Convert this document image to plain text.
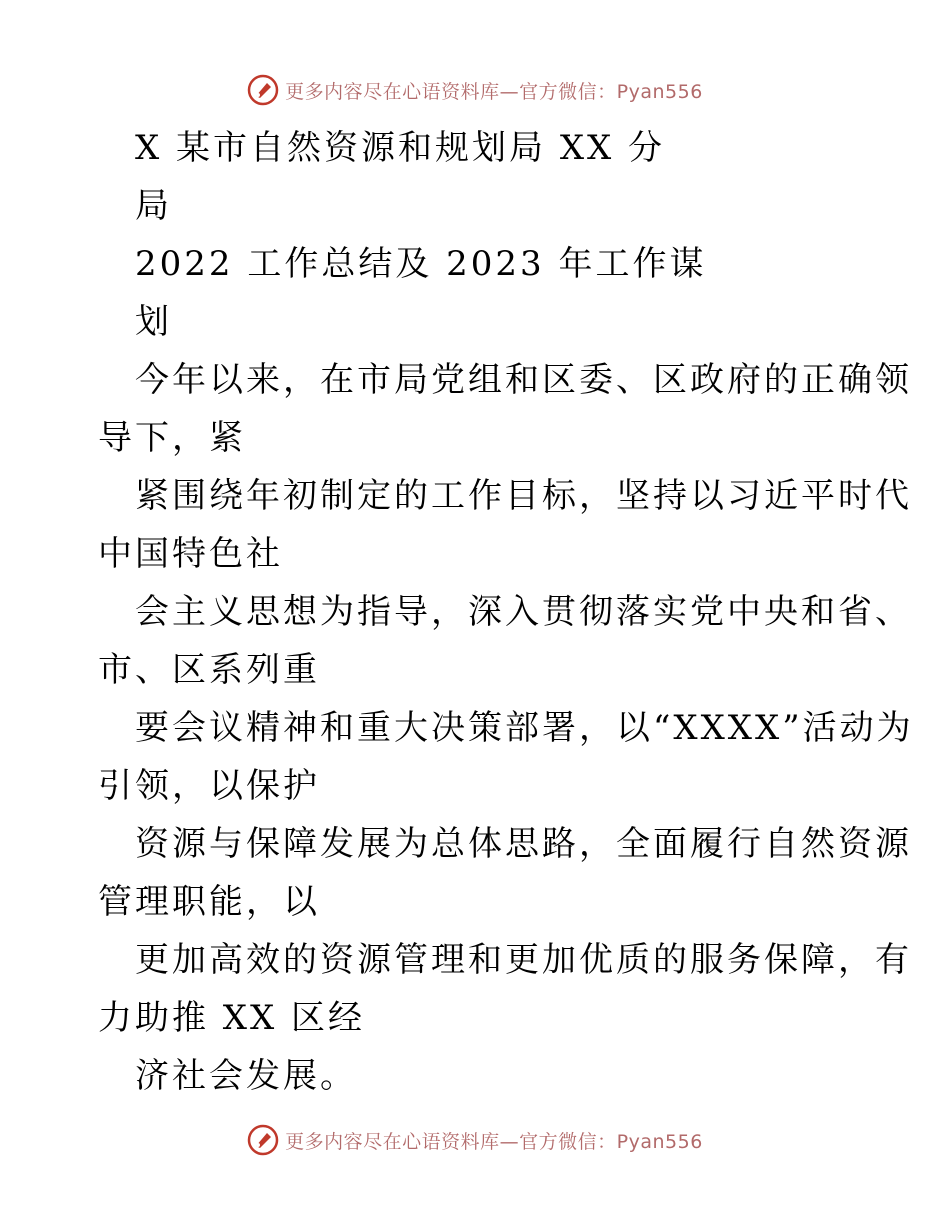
更多内容尽在心语资料库—官方微信：Pyan556
X 某市自然资源和规划局 XX 分
局
2022 工作总结及 2023 年工作谋
划
今年以来，在市局党组和区委、区政府的正确领
导下，紧
紧围绕年初制定的工作目标，坚持以习近平时代
中国特色社
会主义思想为指导，深入贯彻落实党中央和省、
市、区系列重
要会议精神和重大决策部署，以“XXXX”活动为
引领，以保护
资源与保障发展为总体思路，全面履行自然资源
管理职能，以
更加高效的资源管理和更加优质的服务保障，有
力助推 XX 区经
济社会发展。
更多内容尽在心语资料库—官方微信：Pyan556
